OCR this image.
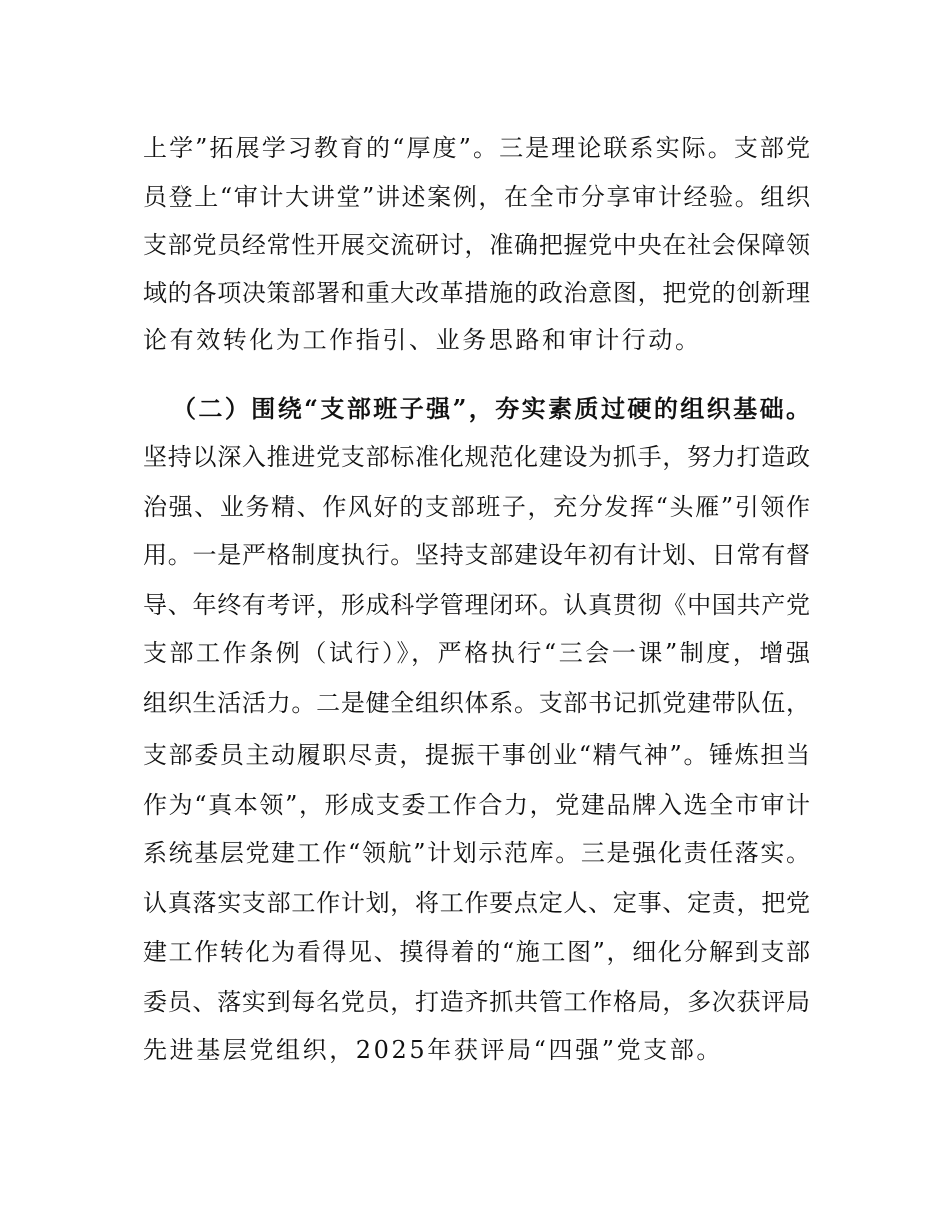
上学”拓展学习教育的“厚度”。三是理论联系实际。支部党
员登上“审计大讲堂”讲述案例，在全市分享审计经验。组织
支部党员经常性开展交流研讨，准确把握党中央在社会保障领
域的各项决策部署和重大改革措施的政治意图，把党的创新理
论有效转化为工作指引、业务思路和审计行动。
（二）围绕“支部班子强”，夯实素质过硬的组织基础。
坚持以深入推进党支部标准化规范化建设为抓手，努力打造政
治强、业务精、作风好的支部班子，充分发挥“头雁”引领作
用。一是严格制度执行。坚持支部建设年初有计划、日常有督
导、年终有考评，形成科学管理闭环。认真贯彻《中国共产党
支部工作条例（试行）》，严格执行“三会一课”制度，增强
组织生活活力。二是健全组织体系。支部书记抓党建带队伍，
支部委员主动履职尽责，提振干事创业“精气神”。锤炼担当
作为“真本领”，形成支委工作合力，党建品牌入选全市审计
系统基层党建工作“领航”计划示范库。三是强化责任落实。
认真落实支部工作计划，将工作要点定人、定事、定责，把党
建工作转化为看得见、摸得着的“施工图”，细化分解到支部
委员、落实到每名党员，打造齐抓共管工作格局，多次获评局
先进基层党组织，2025年获评局“四强”党支部。
